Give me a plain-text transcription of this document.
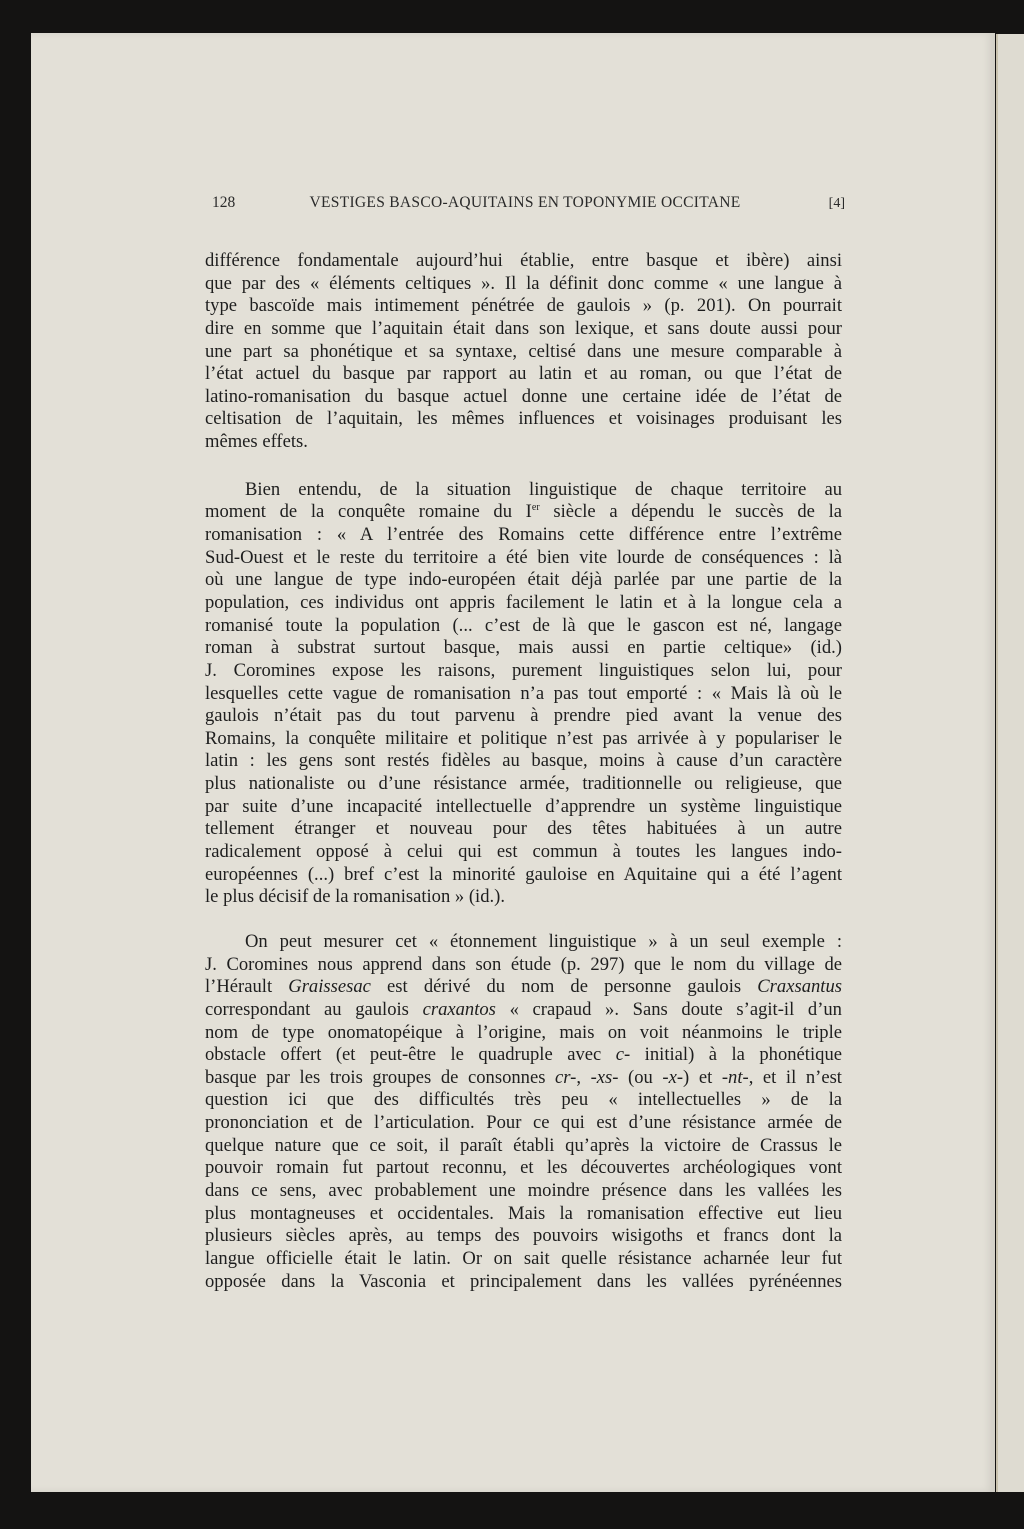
128	VESTIGES BASCO-AQUITAINS EN TOPONYMIE OCCITANE	[4]
différence fondamentale aujourd’hui établie, entre basque et ibère) ainsi
que par des « éléments celtiques ». Il la définit donc comme « une langue à
type bascoïde mais intimement pénétrée de gaulois » (p. 201). On pourrait
dire en somme que l’aquitain était dans son lexique, et sans doute aussi pour
une part sa phonétique et sa syntaxe, celtisé dans une mesure comparable à
l’état actuel du basque par rapport au latin et au roman, ou que l’état de
latino-romanisation du basque actuel donne une certaine idée de l’état de
celtisation de l’aquitain, les mêmes influences et voisinages produisant les
mêmes effets.
Bien entendu, de la situation linguistique de chaque territoire au
moment de la conquête romaine du Ier siècle a dépendu le succès de la
romanisation : « A l’entrée des Romains cette différence entre l’extrême
Sud-Ouest et le reste du territoire a été bien vite lourde de conséquences : là
où une langue de type indo-européen était déjà parlée par une partie de la
population, ces individus ont appris facilement le latin et à la longue cela a
romanisé toute la population (... c’est de là que le gascon est né, langage
roman à substrat surtout basque, mais aussi en partie celtique» (id.)
J. Coromines expose les raisons, purement linguistiques selon lui, pour
lesquelles cette vague de romanisation n’a pas tout emporté : « Mais là où le
gaulois n’était pas du tout parvenu à prendre pied avant la venue des
Romains, la conquête militaire et politique n’est pas arrivée à y populariser le
latin : les gens sont restés fidèles au basque, moins à cause d’un caractère
plus nationaliste ou d’une résistance armée, traditionnelle ou religieuse, que
par suite d’une incapacité intellectuelle d’apprendre un système linguistique
tellement étranger et nouveau pour des têtes habituées à un autre
radicalement opposé à celui qui est commun à toutes les langues indo-
européennes (...) bref c’est la minorité gauloise en Aquitaine qui a été l’agent
le plus décisif de la romanisation » (id.).
On peut mesurer cet « étonnement linguistique » à un seul exemple :
J. Coromines nous apprend dans son étude (p. 297) que le nom du village de
l’Hérault Graissesac est dérivé du nom de personne gaulois Craxsantus
correspondant au gaulois craxantos « crapaud ». Sans doute s’agit-il d’un
nom de type onomatopéique à l’origine, mais on voit néanmoins le triple
obstacle offert (et peut-être le quadruple avec c- initial) à la phonétique
basque par les trois groupes de consonnes cr-, -xs- (ou -x-) et -nt-, et il n’est
question ici que des difficultés très peu « intellectuelles » de la
prononciation et de l’articulation. Pour ce qui est d’une résistance armée de
quelque nature que ce soit, il paraît établi qu’après la victoire de Crassus le
pouvoir romain fut partout reconnu, et les découvertes archéologiques vont
dans ce sens, avec probablement une moindre présence dans les vallées les
plus montagneuses et occidentales. Mais la romanisation effective eut lieu
plusieurs siècles après, au temps des pouvoirs wisigoths et francs dont la
langue officielle était le latin. Or on sait quelle résistance acharnée leur fut
opposée dans la Vasconia et principalement dans les vallées pyrénéennes
